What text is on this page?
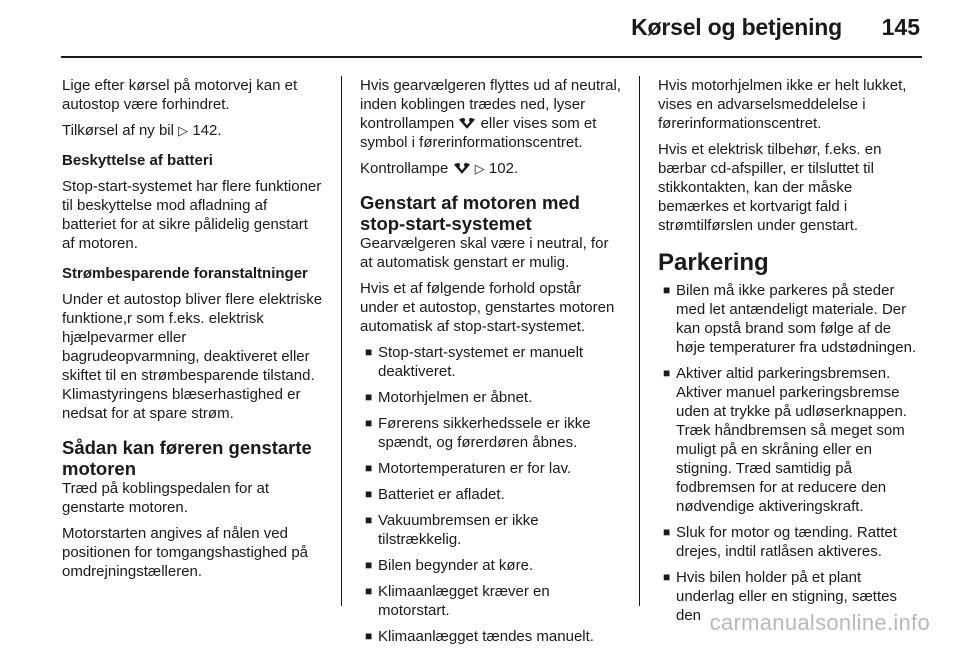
Kørsel og betjening 145

Lige efter kørsel på motorvej kan et autostop være forhindret.

Tilkørsel af ny bil ▷ 142.

Beskyttelse af batteri

Stop-start-systemet har flere funktioner til beskyttelse mod afladning af batteriet for at sikre pålidelig genstart af motoren.

Strømbesparende foranstaltninger

Under et autostop bliver flere elektriske funktione,r som f.eks. elektrisk hjælpevarmer eller bagrudeopvarmning, deaktiveret eller skiftet til en strømbesparende tilstand. Klimastyringens blæserhastighed er nedsat for at spare strøm.

Sådan kan føreren genstarte motoren

Træd på koblingspedalen for at genstarte motoren.

Motorstarten angives af nålen ved positionen for tomgangshastighed på omdrejningstælleren.

Hvis gearvælgeren flyttes ud af neutral, inden koblingen trædes ned, lyser kontrollampen eller vises som et symbol i førerinformationscentret.

Kontrollampe ▷ 102.

Genstart af motoren med stop-start-systemet

Gearvælgeren skal være i neutral, for at automatisk genstart er mulig.

Hvis et af følgende forhold opstår under et autostop, genstartes motoren automatisk af stop-start-systemet.

■ Stop-start-systemet er manuelt deaktiveret.
■ Motorhjelmen er åbnet.
■ Førerens sikkerhedssele er ikke spændt, og førerdøren åbnes.
■ Motortemperaturen er for lav.
■ Batteriet er afladet.
■ Vakuumbremsen er ikke tilstrækkelig.
■ Bilen begynder at køre.
■ Klimaanlægget kræver en motorstart.
■ Klimaanlægget tændes manuelt.

Hvis motorhjelmen ikke er helt lukket, vises en advarselsmeddelelse i førerinformationscentret.

Hvis et elektrisk tilbehør, f.eks. en bærbar cd-afspiller, er tilsluttet til stikkontakten, kan der måske bemærkes et kortvarigt fald i strømtilførslen under genstart.

Parkering
■ Bilen må ikke parkeres på steder med let antændeligt materiale. Der kan opstå brand som følge af de høje temperaturer fra udstødningen.
■ Aktiver altid parkeringsbremsen. Aktiver manuel parkeringsbremse uden at trykke på udløserknappen. Træk håndbremsen så meget som muligt på en skråning eller en stigning. Træd samtidig på fodbremsen for at reducere den nødvendige aktiveringskraft.
■ Sluk for motor og tænding. Rattet drejes, indtil ratlåsen aktiveres.
■ Hvis bilen holder på et plant underlag eller en stigning, sættes den carmanualsonline.info
